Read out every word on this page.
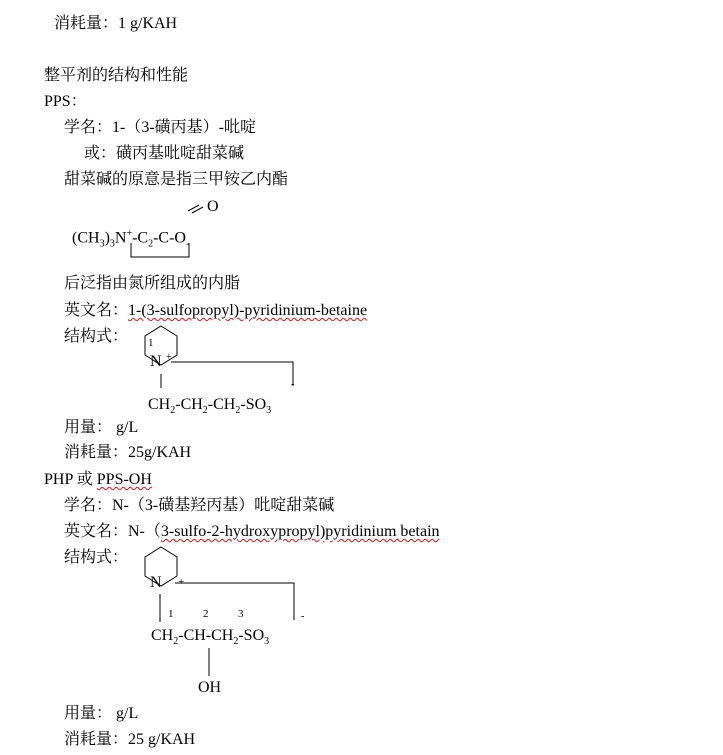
消耗量：1 g/KAH
整平剂的结构和性能
PPS：
学名：1-（3-磺丙基）-吡啶
或：磺丙基吡啶甜菜碱
甜菜碱的原意是指三甲铵乙内酯
O
$(CH_3)_3N^+-C_2-C-O_-$
后泛指由氮所组成的内脂
英文名：1-(3-sulfopropyl)-pyridinium-betaine
结构式： 1
N +
-
$CH_2-CH_2-CH_2-SO_3$
用量： g/L
消耗量：25g/KAH
PHP 或 PPS-OH
学名：N-（3-磺基羟丙基）吡啶甜菜碱
英文名：N-（3-sulfo-2-hydroxypropyl)pyridinium betain
结构式：
N +
1	2	3	-
$CH_2-CH-CH_2-SO_3$
OH
用量： g/L
消耗量：25 g/KAH
